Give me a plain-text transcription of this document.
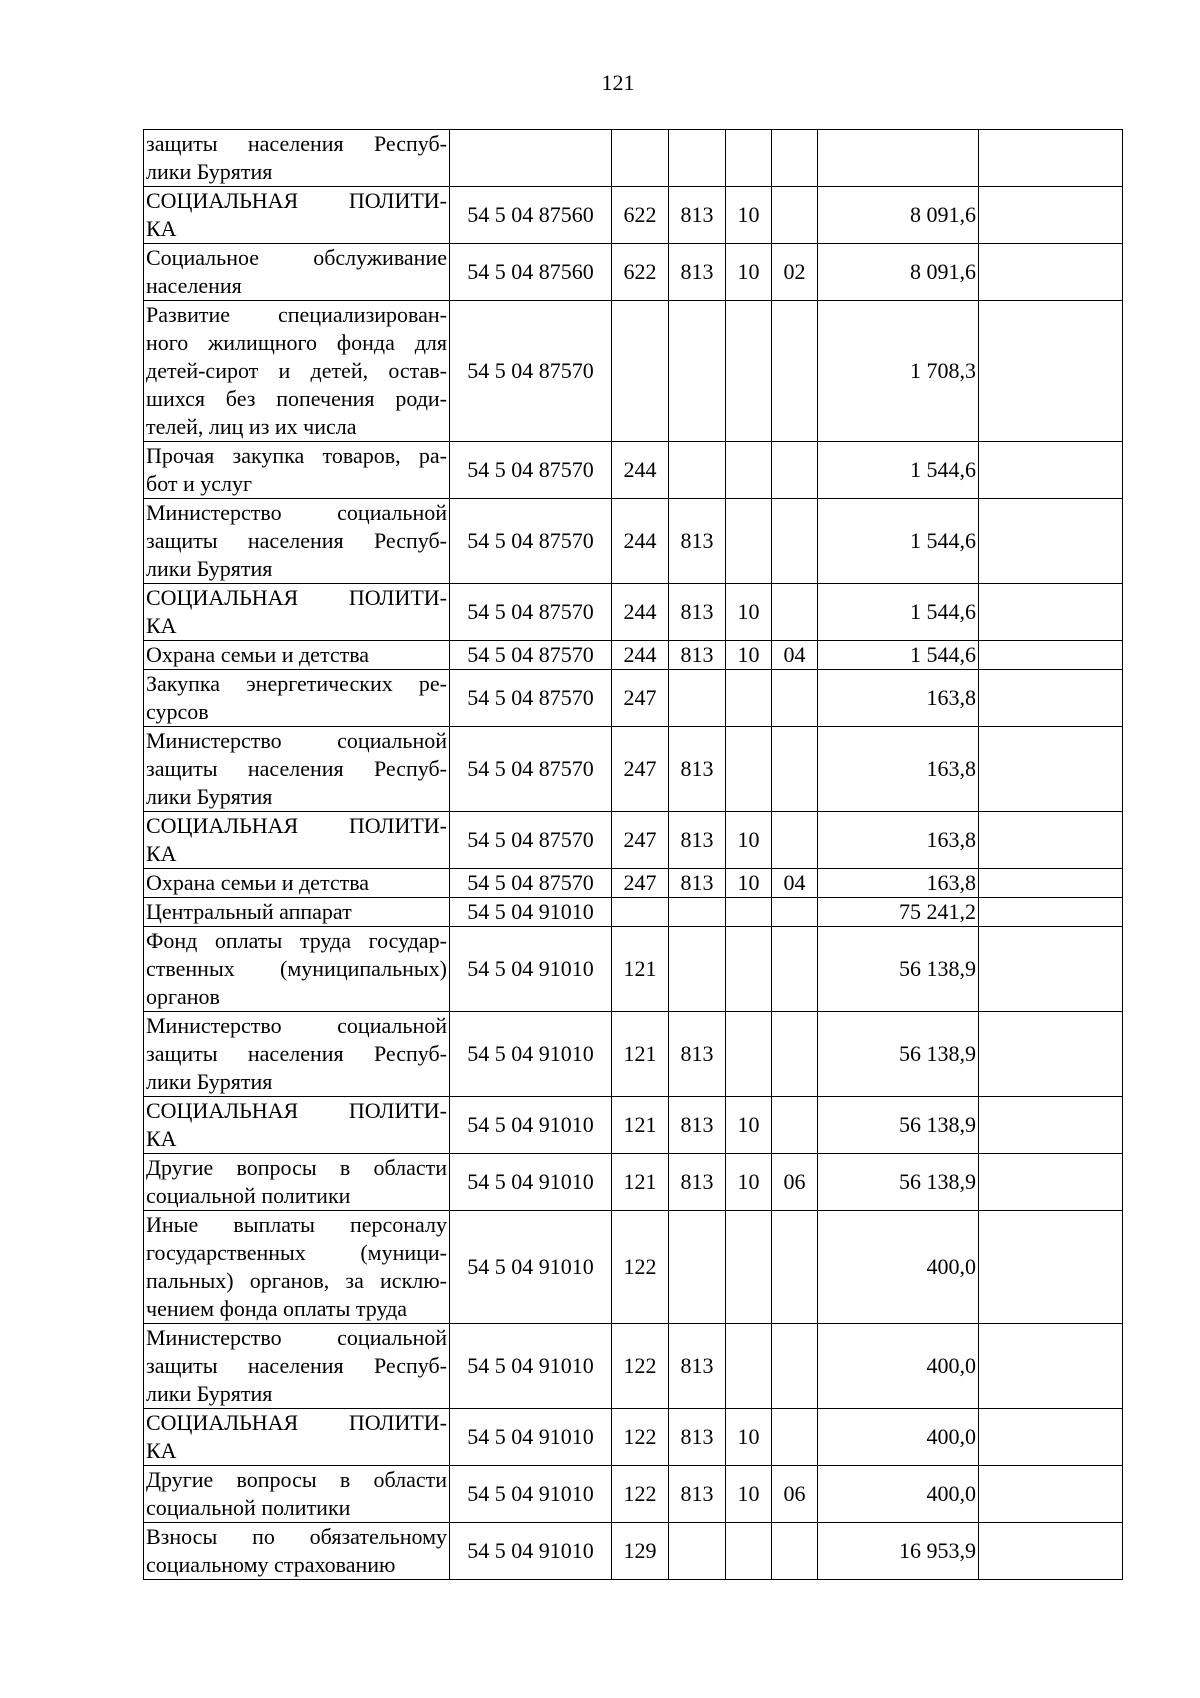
121
защиты населения Респуб-
лики Бурятия							

СОЦИАЛЬНАЯ ПОЛИТИ-
КА	54 5 04 87560	622	813	10		8 091,6	

Социальное обслуживание
населения	54 5 04 87560	622	813	10	02	8 091,6	

Развитие специализирован-
ного жилищного фонда для
детей-сирот и детей, остав-
шихся без попечения роди-
телей, лиц из их числа	54 5 04 87570					1 708,3	

Прочая закупка товаров, ра-
бот и услуг	54 5 04 87570	244				1 544,6	

Министерство социальной
защиты населения Респуб-
лики Бурятия	54 5 04 87570	244	813			1 544,6	

СОЦИАЛЬНАЯ ПОЛИТИ-
КА	54 5 04 87570	244	813	10		1 544,6	

Охрана семьи и детства	54 5 04 87570	244	813	10	04	1 544,6	

Закупка энергетических ре-
сурсов	54 5 04 87570	247				163,8	

Министерство социальной
защиты населения Респуб-
лики Бурятия	54 5 04 87570	247	813			163,8	

СОЦИАЛЬНАЯ ПОЛИТИ-
КА	54 5 04 87570	247	813	10		163,8	

Охрана семьи и детства	54 5 04 87570	247	813	10	04	163,8	

Центральный аппарат	54 5 04 91010					75 241,2	

Фонд оплаты труда государ-
ственных (муниципальных)
органов	54 5 04 91010	121				56 138,9	

Министерство социальной
защиты населения Респуб-
лики Бурятия	54 5 04 91010	121	813			56 138,9	

СОЦИАЛЬНАЯ ПОЛИТИ-
КА	54 5 04 91010	121	813	10		56 138,9	

Другие вопросы в области
социальной политики	54 5 04 91010	121	813	10	06	56 138,9	

Иные выплаты персоналу
государственных (муници-
пальных) органов, за исклю-
чением фонда оплаты труда	54 5 04 91010	122				400,0	

Министерство социальной
защиты населения Респуб-
лики Бурятия	54 5 04 91010	122	813			400,0	

СОЦИАЛЬНАЯ ПОЛИТИ-
КА	54 5 04 91010	122	813	10		400,0	

Другие вопросы в области
социальной политики	54 5 04 91010	122	813	10	06	400,0	

Взносы по обязательному
социальному страхованию	54 5 04 91010	129				16 953,9	
